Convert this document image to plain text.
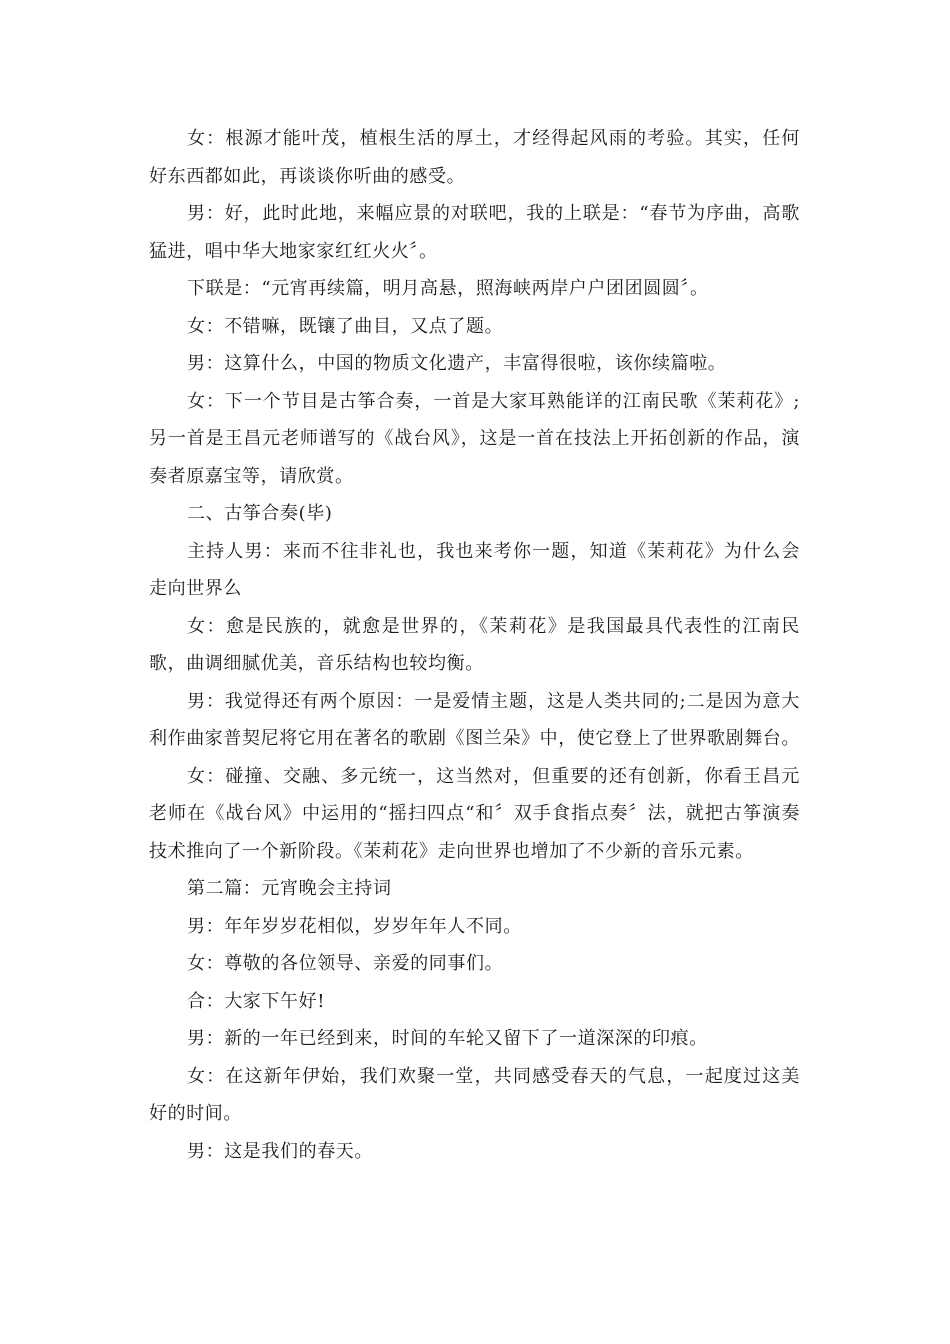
女：根源才能叶茂，植根生活的厚土，才经得起风雨的考验。其实，任何好东西都如此，再谈谈你听曲的感受。

男：好，此时此地，来幅应景的对联吧，我的上联是：“春节为序曲，高歌猛进，唱中华大地家家红红火火〞。

下联是：“元宵再续篇，明月高悬，照海峡两岸户户团团圆圆〞。

女：不错嘛，既镶了曲目，又点了题。

男：这算什么，中国的物质文化遗产，丰富得很啦，该你续篇啦。

女：下一个节目是古筝合奏，一首是大家耳熟能详的江南民歌《茉莉花》;另一首是王昌元老师谱写的《战台风》，这是一首在技法上开拓创新的作品，演奏者原嘉宝等，请欣赏。

二、古筝合奏(毕)

主持人男：来而不往非礼也，我也来考你一题，知道《茉莉花》为什么会走向世界么

女：愈是民族的，就愈是世界的，《茉莉花》是我国最具代表性的江南民歌，曲调细腻优美，音乐结构也较均衡。

男：我觉得还有两个原因：一是爱情主题，这是人类共同的;二是因为意大利作曲家普契尼将它用在著名的歌剧《图兰朵》中，使它登上了世界歌剧舞台。

女：碰撞、交融、多元统一，这当然对，但重要的还有创新，你看王昌元老师在《战台风》中运用的“摇扫四点“和〞双手食指点奏〞法，就把古筝演奏技术推向了一个新阶段。《茉莉花》走向世界也增加了不少新的音乐元素。

第二篇：元宵晚会主持词

男：年年岁岁花相似，岁岁年年人不同。

女：尊敬的各位领导、亲爱的同事们。

合：大家下午好!

男：新的一年已经到来，时间的车轮又留下了一道深深的印痕。

女：在这新年伊始，我们欢聚一堂，共同感受春天的气息，一起度过这美好的时间。

男：这是我们的春天。
